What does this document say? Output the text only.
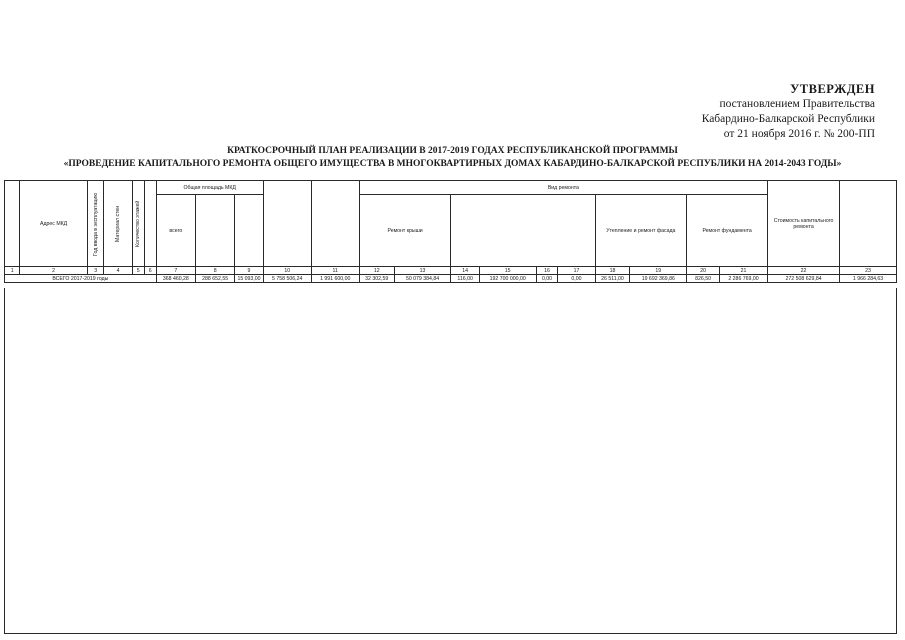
УТВЕРЖДЕН
постановлением Правительства
Кабардино-Балкарской Республики
от 21 ноября 2016 г. № 200-ПП
КРАТКОСРОЧНЫЙ ПЛАН РЕАЛИЗАЦИИ В 2017-2019 ГОДАХ РЕСПУБЛИКАНСКОЙ ПРОГРАММЫ
«ПРОВЕДЕНИЕ КАПИТАЛЬНОГО РЕМОНТА ОБЩЕГО ИМУЩЕСТВА В МНОГОКВАРТИРНЫХ ДОМАХ КАБАРДИНО-БАЛКАРСКОЙ РЕСПУБЛИКИ НА 2014-2043 ГОДЫ»
	Адрес МКД	Год ввода в эксплуатацию	Материал стен	Количество этажей		Общая площадь МКД					Вид ремонта										Стоимость капитального ремонта	
						всего					Ремонт крыши						Утепление и ремонт фасада		Ремонт фундамента			
1	2	3	4	5	6	7	8	9	10	11	12	13	14	15	16	17	18	19	20	21	22	23
ВСЕГО 2017-2019 годы						368 460,28	288 652,55	15 093,00	5 758 506,24	1 991 600,00	32 302,59	50 079 384,84	116,00	192 700 000,00	0,00	0,00	26 511,00	19 692 369,86	826,50	2 286 769,00	272 508 629,84	1 966 284,63
